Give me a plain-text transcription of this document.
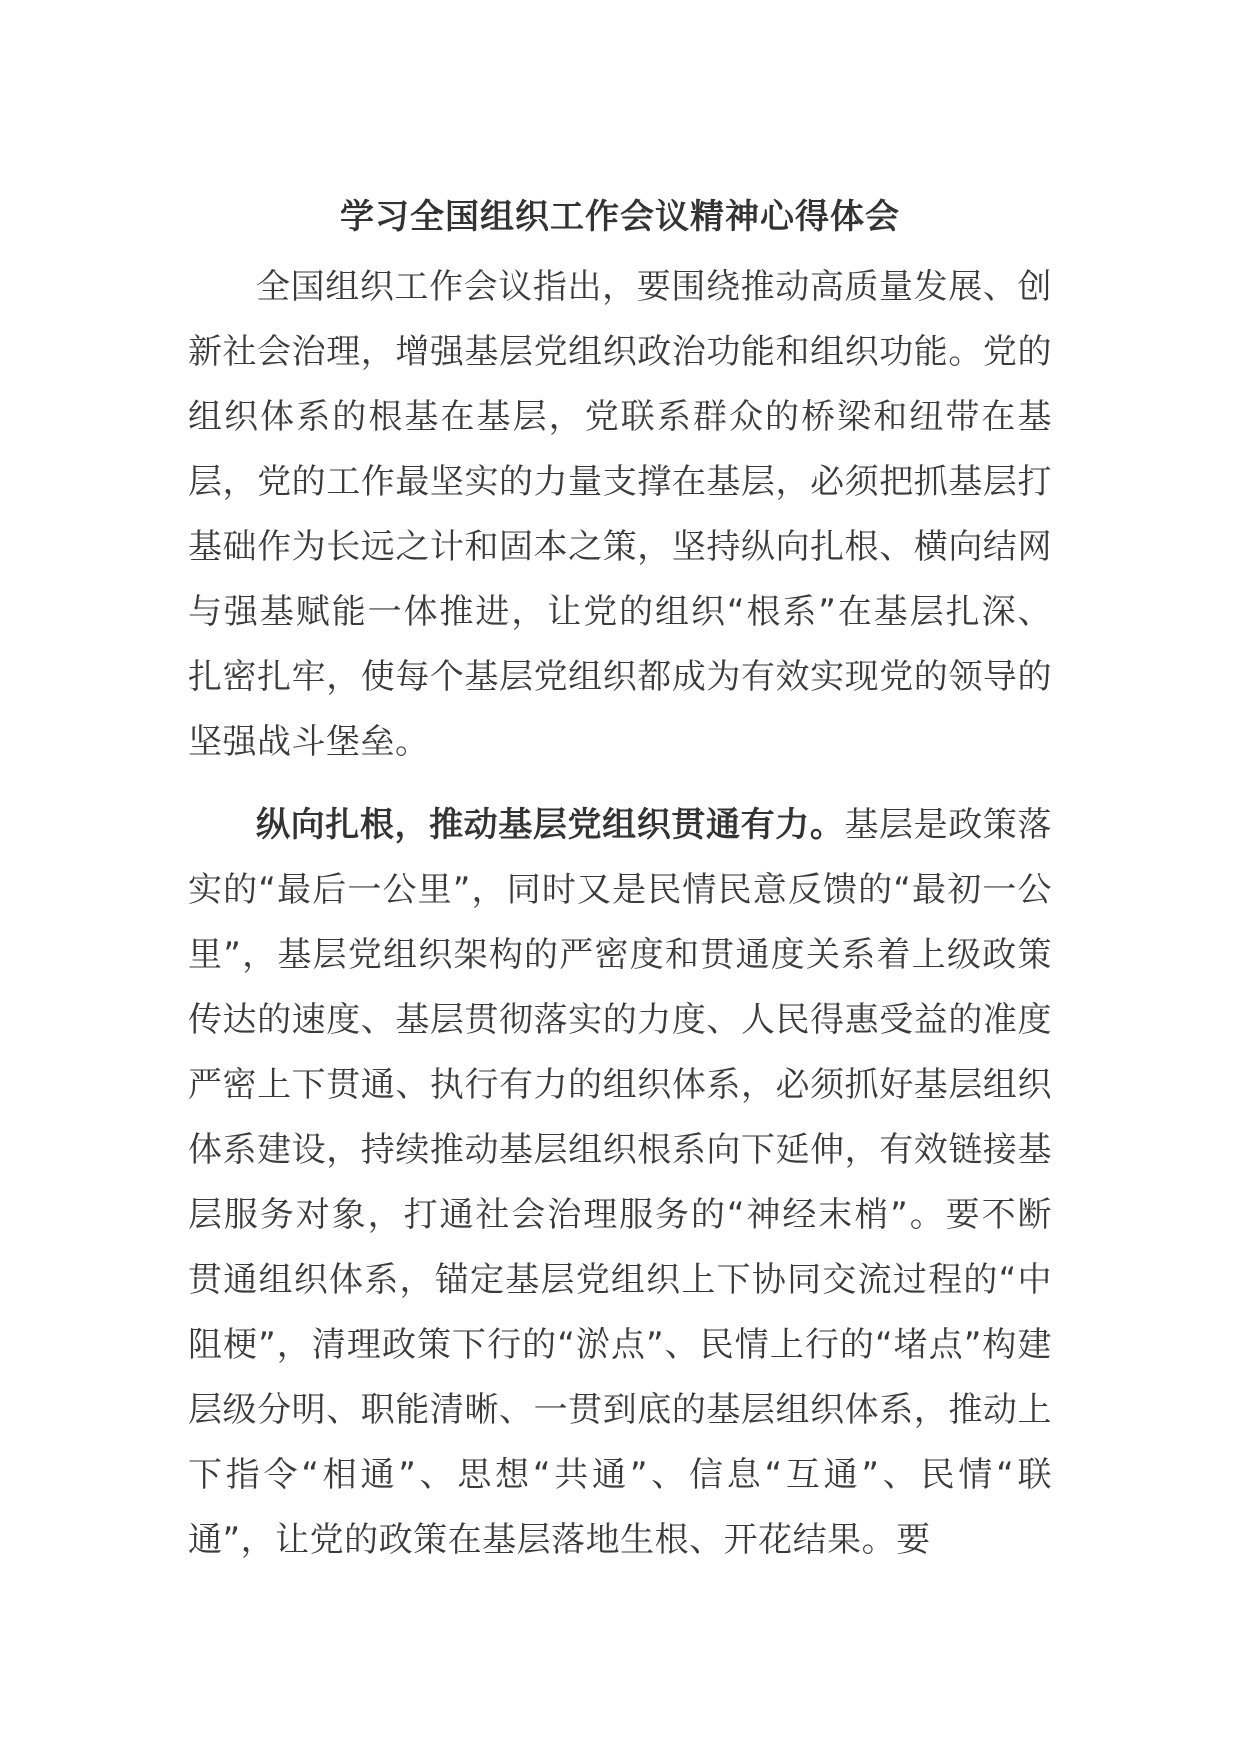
学习全国组织工作会议精神心得体会

全国组织工作会议指出，要围绕推动高质量发展、创新社会治理，增强基层党组织政治功能和组织功能。党的组织体系的根基在基层，党联系群众的桥梁和纽带在基层，党的工作最坚实的力量支撑在基层，必须把抓基层打基础作为长远之计和固本之策，坚持纵向扎根、横向结网与强基赋能一体推进，让党的组织“根系”在基层扎深、扎密扎牢，使每个基层党组织都成为有效实现党的领导的坚强战斗堡垒。

纵向扎根，推动基层党组织贯通有力。基层是政策落实的“最后一公里”，同时又是民情民意反馈的“最初一公里”，基层党组织架构的严密度和贯通度关系着上级政策传达的速度、基层贯彻落实的力度、人民得惠受益的准度严密上下贯通、执行有力的组织体系，必须抓好基层组织体系建设，持续推动基层组织根系向下延伸，有效链接基层服务对象，打通社会治理服务的“神经末梢”。要不断贯通组织体系，锚定基层党组织上下协同交流过程的“中阻梗”，清理政策下行的“淤点”、民情上行的“堵点”构建层级分明、职能清晰、一贯到底的基层组织体系，推动上下指令“相通”、思想“共通”、信息“互通”、民情“联通”，让党的政策在基层落地生根、开花结果。要
